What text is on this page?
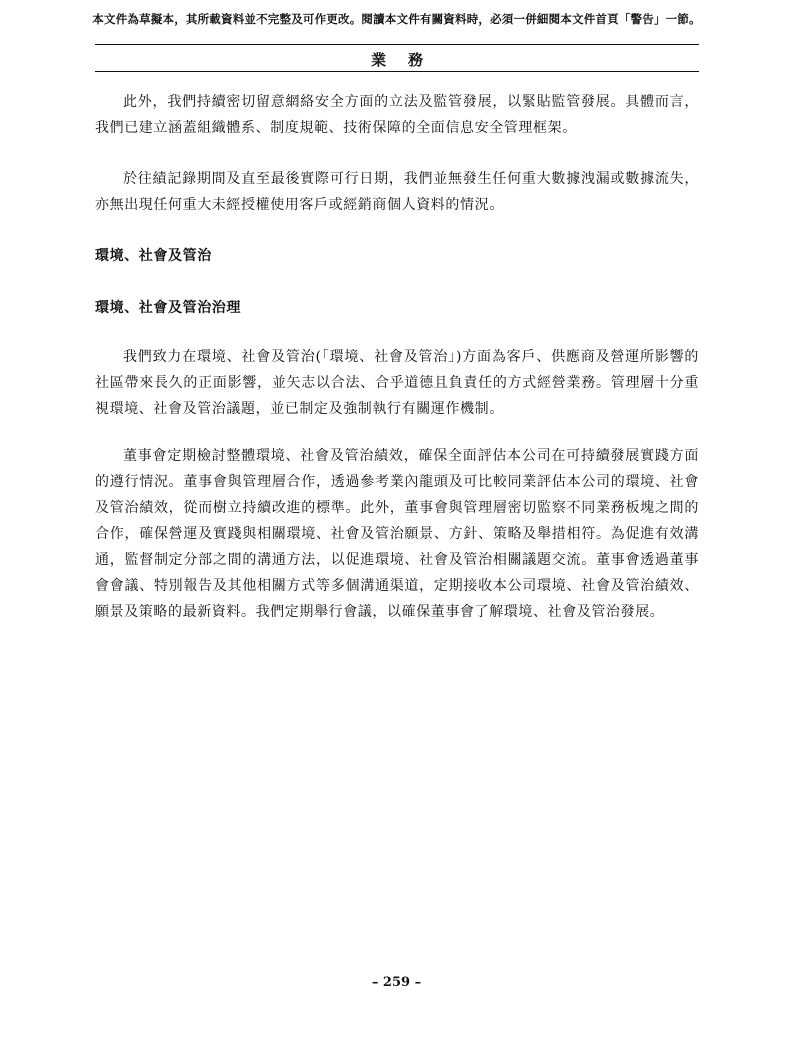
本文件為草擬本，其所載資料並不完整及可作更改。閱讀本文件有關資料時，必須一併細閱本文件首頁「警告」一節。
業務

此外，我們持續密切留意網絡安全方面的立法及監管發展，以緊貼監管發展。具體而言，我們已建立涵蓋組織體系、制度規範、技術保障的全面信息安全管理框架。

於往績記錄期間及直至最後實際可行日期，我們並無發生任何重大數據洩漏或數據流失，亦無出現任何重大未經授權使用客戶或經銷商個人資料的情況。

環境、社會及管治
環境、社會及管治治理

我們致力在環境、社會及管治(「環境、社會及管治」)方面為客戶、供應商及營運所影響的社區帶來長久的正面影響，並矢志以合法、合乎道德且負責任的方式經營業務。管理層十分重視環境、社會及管治議題，並已制定及強制執行有關運作機制。

董事會定期檢討整體環境、社會及管治績效，確保全面評估本公司在可持續發展實踐方面的遵行情況。董事會與管理層合作，透過參考業內龍頭及可比較同業評估本公司的環境、社會及管治績效，從而樹立持續改進的標準。此外，董事會與管理層密切監察不同業務板塊之間的合作，確保營運及實踐與相關環境、社會及管治願景、方針、策略及舉措相符。為促進有效溝通，監督制定分部之間的溝通方法，以促進環境、社會及管治相關議題交流。董事會透過董事會會議、特別報告及其他相關方式等多個溝通渠道，定期接收本公司環境、社會及管治績效、願景及策略的最新資料。我們定期舉行會議，以確保董事會了解環境、社會及管治發展。

– 259 –
